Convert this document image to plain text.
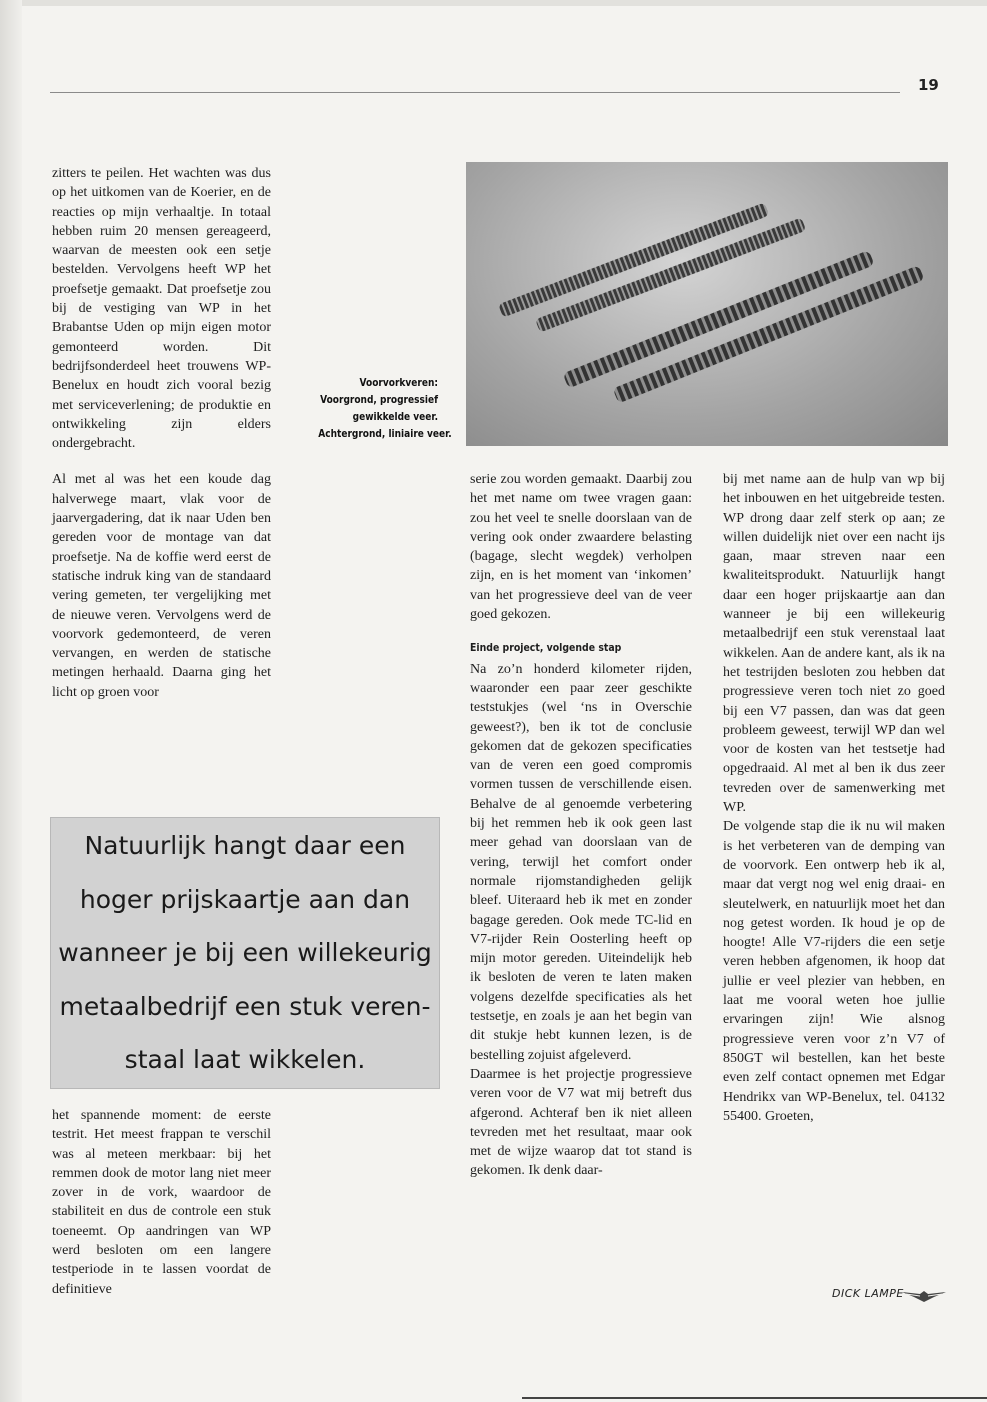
19

zitters te peilen. Het wachten was dus op het uitkomen van de Koerier, en de reacties op mijn verhaaltje. In totaal hebben ruim 20 mensen gereageerd, waarvan de meesten ook een setje bestelden. Vervolgens heeft WP het proefsetje gemaakt. Dat proefsetje zou bij de vestiging van WP in het Brabantse Uden op mijn eigen motor gemonteerd worden. Dit bedrijfsonderdeel heet trouwens WP-Benelux en houdt zich vooral bezig met serviceverlening; de produktie en ontwikkeling zijn elders ondergebracht.

Al met al was het een koude dag halverwege maart, vlak voor de jaarvergadering, dat ik naar Uden ben gereden voor de montage van dat proefsetje. Na de koffie werd eerst de statische indruk king van de standaard vering gemeten, ter vergelijking met de nieuwe veren. Vervolgens werd de voorvork gedemonteerd, de veren vervangen, en werden de statische metingen herhaald. Daarna ging het licht op groen voor

Voorvorkveren:
Voorgrond, progressief
gewikkelde veer.
Achtergrond, liniaire veer.
Natuurlijk hangt daar een
hoger prijskaartje aan dan
wanneer je bij een willekeurig
metaalbedrijf een stuk veren-
staal laat wikkelen.

het spannende moment: de eerste testrit. Het meest frappan te verschil was al meteen merkbaar: bij het remmen dook de motor lang niet meer zover in de vork, waardoor de stabiliteit en dus de controle een stuk toeneemt. Op aandringen van WP werd besloten om een langere testperiode in te lassen voordat de definitieve

serie zou worden gemaakt. Daarbij zou het met name om twee vragen gaan: zou het veel te snelle doorslaan van de vering ook onder zwaardere belasting (bagage, slecht wegdek) verholpen zijn, en is het moment van ‘inkomen’ van het progressieve deel van de veer goed gekozen.

Einde project, volgende stap

Na zo’n honderd kilometer rijden, waaronder een paar zeer geschikte teststukjes (wel ‘ns in Overschie geweest?), ben ik tot de conclusie gekomen dat de gekozen specificaties van de veren een goed compromis vormen tussen de verschillende eisen. Behalve de al genoemde verbetering bij het remmen heb ik ook geen last meer gehad van doorslaan van de vering, terwijl het comfort onder normale rijomstandigheden gelijk bleef. Uiteraard heb ik met en zonder bagage gereden. Ook mede TC-lid en V7-rijder Rein Oosterling heeft op mijn motor gereden. Uiteindelijk heb ik besloten de veren te laten maken volgens dezelfde specificaties als het testsetje, en zoals je aan het begin van dit stukje hebt kunnen lezen, is de bestelling zojuist afgeleverd.

Daarmee is het projectje progressieve veren voor de V7 wat mij betreft dus afgerond. Achteraf ben ik niet alleen tevreden met het resultaat, maar ook met de wijze waarop dat tot stand is gekomen. Ik denk daar-

bij met name aan de hulp van wp bij het inbouwen en het uitgebreide testen. WP drong daar zelf sterk op aan; ze willen duidelijk niet over een nacht ijs gaan, maar streven naar een kwaliteitsprodukt. Natuurlijk hangt daar een hoger prijskaartje aan dan wanneer je bij een willekeurig metaalbedrijf een stuk verenstaal laat wikkelen. Aan de andere kant, als ik na het testrijden besloten zou hebben dat progressieve veren toch niet zo goed bij een V7 passen, dan was dat geen probleem geweest, terwijl WP dan wel voor de kosten van het testsetje had opgedraaid. Al met al ben ik dus zeer tevreden over de samenwerking met WP.

De volgende stap die ik nu wil maken is het verbeteren van de demping van de voorvork. Een ontwerp heb ik al, maar dat vergt nog wel enig draai- en sleutelwerk, en natuurlijk moet het dan nog getest worden. Ik houd je op de hoogte! Alle V7-rijders die een setje veren hebben afgenomen, ik hoop dat jullie er veel plezier van hebben, en laat me vooral weten hoe jullie ervaringen zijn! Wie alsnog progressieve veren voor z’n V7 of 850GT wil bestellen, kan het beste even zelf contact opnemen met Edgar Hendrikx van WP-Benelux, tel. 04132 55400. Groeten,

DICK LAMPE
